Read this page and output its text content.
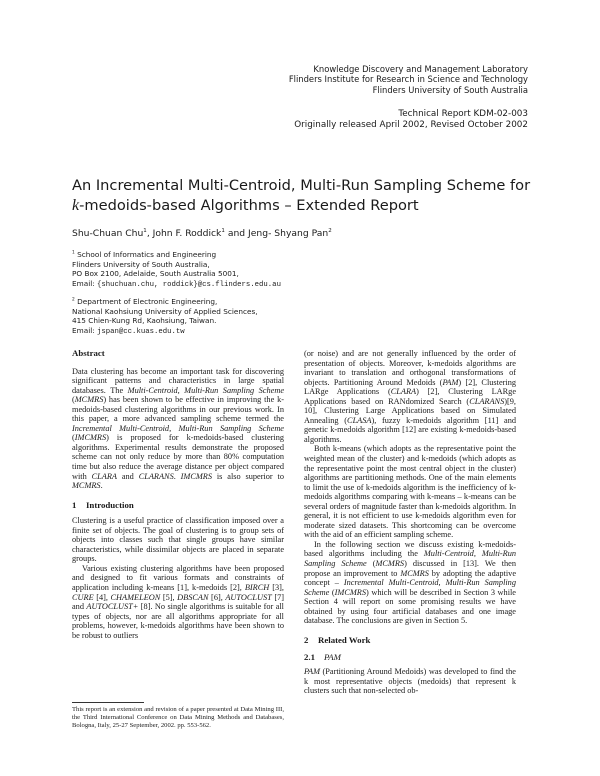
Knowledge Discovery and Management Laboratory
Flinders Institute for Research in Science and Technology
Flinders University of South Australia
Technical Report KDM-02-003
Originally released April 2002, Revised October 2002
An Incremental Multi-Centroid, Multi-Run Sampling Scheme for
k-medoids-based Algorithms – Extended Report
Shu-Chuan Chu$^1$, John F. Roddick$^1$ and Jeng- Shyang Pan$^2$
$^1$ School of Informatics and Engineering
Flinders University of South Australia,
PO Box 2100, Adelaide, South Australia 5001,
Email: {shuchuan.chu, roddick}@cs.flinders.edu.au
$^2$ Department of Electronic Engineering,
National Kaohsiung University of Applied Sciences,
415 Chien-Kung Rd, Kaohsiung, Taiwan.
Email: jspan@cc.kuas.edu.tw
Abstract

Data clustering has become an important task for discovering significant patterns and characteristics in large spatial databases. The Multi-Centroid, Multi-Run Sampling Scheme (MCMRS) has been shown to be effective in improving the k-medoids-based clustering algorithms in our previous work. In this paper, a more advanced sampling scheme termed the Incremental Multi-Centroid, Multi-Run Sampling Scheme (IMCMRS) is proposed for k-medoids-based clustering algorithms. Experimental results demonstrate the proposed scheme can not only reduce by more than 80% computation time but also reduce the average distance per object compared with CLARA and CLARANS. IMCMRS is also superior to MCMRS.

1 Introduction

Clustering is a useful practice of classification imposed over a finite set of objects. The goal of clustering is to group sets of objects into classes such that single groups have similar characteristics, while dissimilar objects are placed in separate groups.

Various existing clustering algorithms have been proposed and designed to fit various formats and constraints of application including k-means [1], k-medoids [2], BIRCH [3], CURE [4], CHAMELEON [5], DBSCAN [6], AUTOCLUST [7] and AUTOCLUST+ [8]. No single algorithms is suitable for all types of objects, nor are all algorithms appropriate for all problems, however, k-medoids algorithms have been shown to be robust to outliers

(or noise) and are not generally influenced by the order of presentation of objects. Moreover, k-medoids algorithms are invariant to translation and orthogonal transformations of objects. Partitioning Around Medoids (PAM) [2], Clustering LARge Applications (CLARA) [2], Clustering LARge Applications based on RANdomized Search (CLARANS)[9, 10], Clustering Large Applications based on Simulated Annealing (CLASA), fuzzy k-medoids algorithm [11] and genetic k-medoids algorithm [12] are existing k-medoids-based algorithms.

Both k-means (which adopts as the representative point the weighted mean of the cluster) and k-medoids (which adopts as the representative point the most central object in the cluster) algorithms are partitioning methods. One of the main elements to limit the use of k-medoids algorithm is the inefficiency of k-medoids algorithms comparing with k-means – k-means can be several orders of magnitude faster than k-medoids algorithm. In general, it is not efficient to use k-medoids algorithm even for moderate sized datasets. This shortcoming can be overcome with the aid of an efficient sampling scheme.

In the following section we discuss existing k-medoids-based algorithms including the Multi-Centroid, Multi-Run Sampling Scheme (MCMRS) discussed in [13]. We then propose an improvement to MCMRS by adopting the adaptive concept – Incremental Multi-Centroid, Multi-Run Sampling Scheme (IMCMRS) which will be described in Section 3 while Section 4 will report on some promising results we have obtained by using four artificial databases and one image database. The conclusions are given in Section 5.

2 Related Work
2.1 PAM

PAM (Partitioning Around Medoids) was developed to find the k most representative objects (medoids) that represent k clusters such that non-selected ob-

This report is an extension and revision of a paper presented at Data Mining III, the Third International Conference on Data Mining Methods and Databases, Bologna, Italy, 25-27 September, 2002. pp. 553-562.
